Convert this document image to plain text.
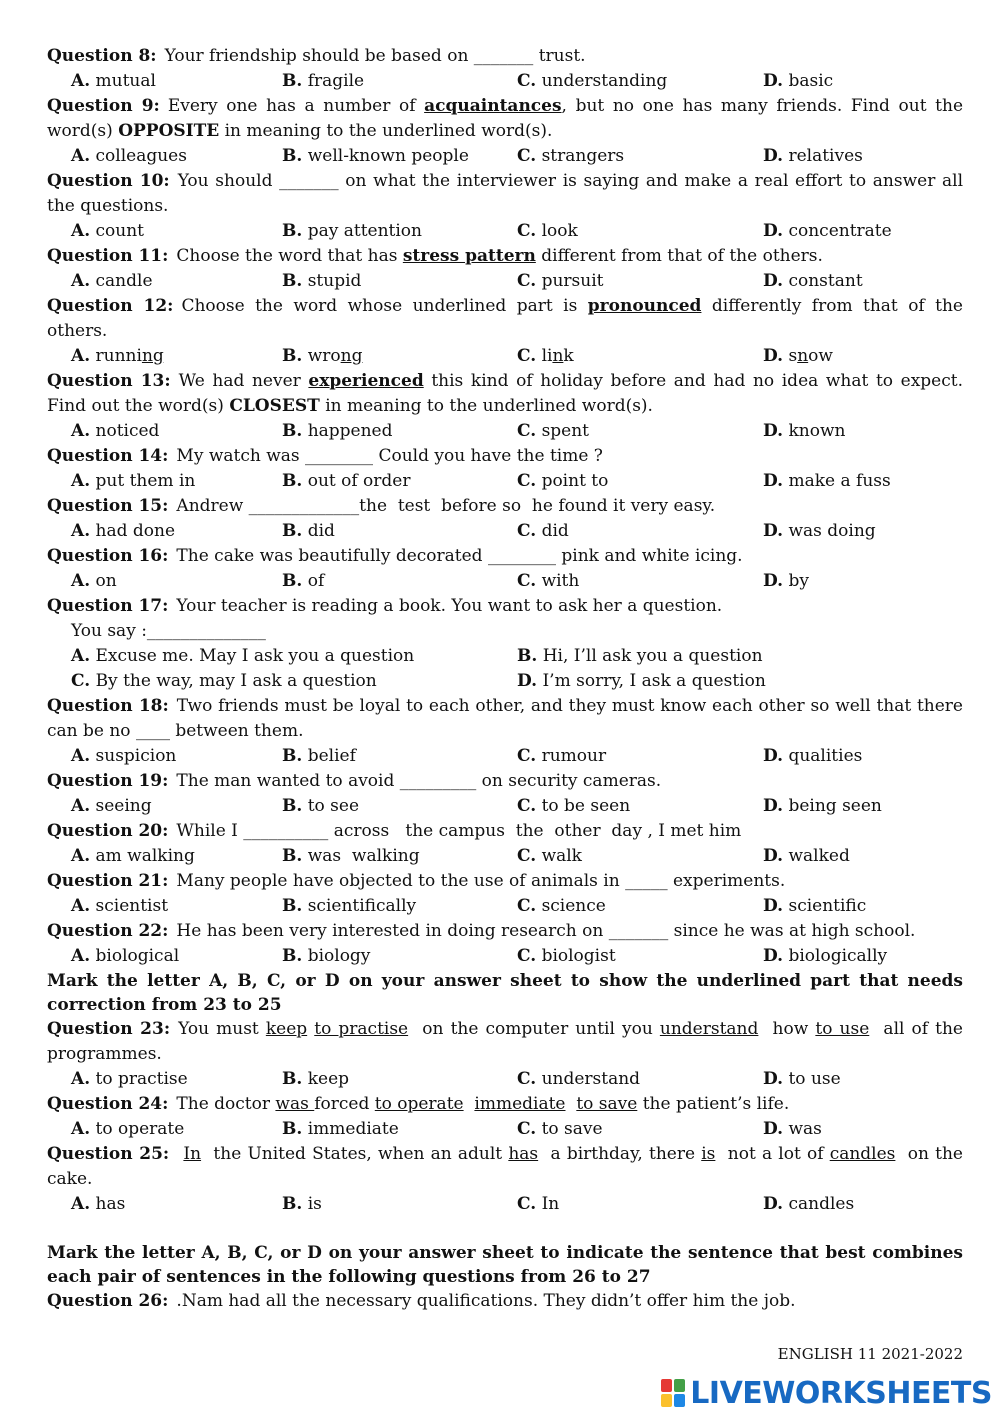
Question 8: Your friendship should be based on _______ trust.
A. mutual	B. fragile	C. understanding	D. basic
Question 9: Every one has a number of acquaintances, but no one has many friends. Find out the word(s) OPPOSITE in meaning to the underlined word(s).
A. colleagues	B. well-known people	C. strangers	D. relatives
Question 10: You should _______ on what the interviewer is saying and make a real effort to answer all the questions.
A. count	B. pay attention	C. look	D. concentrate
Question 11: Choose the word that has stress pattern different from that of the others.
A. candle	B. stupid	C. pursuit	D. constant
Question 12: Choose the word whose underlined part is pronounced differently from that of the others.
A. running	B. wrong	C. link	D. snow
Question 13: We had never experienced this kind of holiday before and had no idea what to expect. Find out the word(s) CLOSEST in meaning to the underlined word(s).
A. noticed	B. happened	C. spent	D. known
Question 14: My watch was ________ Could you have the time ?
A. put them in	B. out of order	C. point to	D. make a fuss
Question 15: Andrew _____________the  test  before so  he found it very easy.
A. had done	B. did	C. did	D. was doing
Question 16: The cake was beautifully decorated ________ pink and white icing.
A. on	B. of	C. with	D. by
Question 17: Your teacher is reading a book. You want to ask her a question.
You say :______________
A. Excuse me. May I ask you a question	B. Hi, I’ll ask you a question
C. By the way, may I ask a question	D. I’m sorry, I ask a question
Question 18: Two friends must be loyal to each other, and they must know each other so well that there can be no ____ between them.
A. suspicion	B. belief	C. rumour	D. qualities
Question 19: The man wanted to avoid _________ on security cameras.
A. seeing	B. to see	C. to be seen	D. being seen
Question 20: While I __________ across   the campus  the  other  day , I met him
A. am walking	B. was  walking	C. walk	D. walked
Question 21: Many people have objected to the use of animals in _____ experiments.
A. scientist	B. scientifically	C. science	D. scientific
Question 22: He has been very interested in doing research on _______ since he was at high school.
A. biological	B. biology	C. biologist	D. biologically
Mark the letter A, B, C, or D on your answer sheet to show the underlined part that needs correction from 23 to 25
Question 23: You must keep to practise  on the computer until you understand  how to use  all of the programmes.
A. to practise	B. keep	C. understand	D. to use
Question 24: The doctor was forced to operate immediate to save the patient’s life.
A. to operate	B. immediate	C. to save	D. was
Question 25: In  the United States, when an adult has  a birthday, there is  not a lot of candles  on the cake.
A. has	B. is	C. In	D. candles
Mark the letter A, B, C, or D on your answer sheet to indicate the sentence that best combines each pair of sentences in the following questions from 26 to 27
Question 26: .Nam had all the necessary qualifications. They didn’t offer him the job.
ENGLISH 11 2021-2022
LIVEWORKSHEETS
